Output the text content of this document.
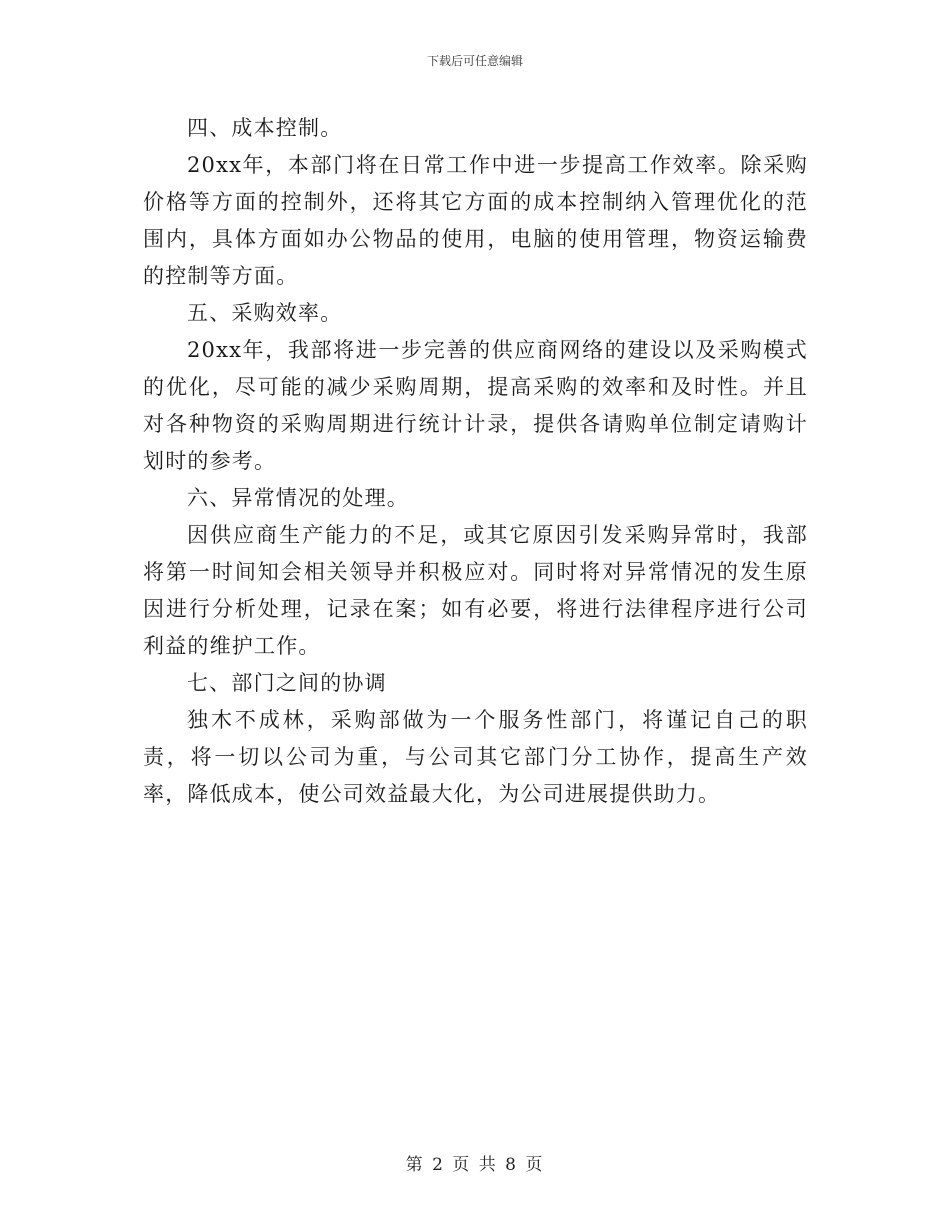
下载后可任意编辑

四、成本控制。

20xx年，本部门将在日常工作中进一步提高工作效率。除采购价格等方面的控制外，还将其它方面的成本控制纳入管理优化的范围内，具体方面如办公物品的使用，电脑的使用管理，物资运输费的控制等方面。

五、采购效率。

20xx年，我部将进一步完善的供应商网络的建设以及采购模式的优化，尽可能的减少采购周期，提高采购的效率和及时性。并且对各种物资的采购周期进行统计计录，提供各请购单位制定请购计划时的参考。

六、异常情况的处理。

因供应商生产能力的不足，或其它原因引发采购异常时，我部将第一时间知会相关领导并积极应对。同时将对异常情况的发生原因进行分析处理，记录在案；如有必要，将进行法律程序进行公司利益的维护工作。

七、部门之间的协调

独木不成林，采购部做为一个服务性部门，将谨记自己的职责，将一切以公司为重，与公司其它部门分工协作，提高生产效率，降低成本，使公司效益最大化，为公司进展提供助力。

第 2 页 共 8 页
